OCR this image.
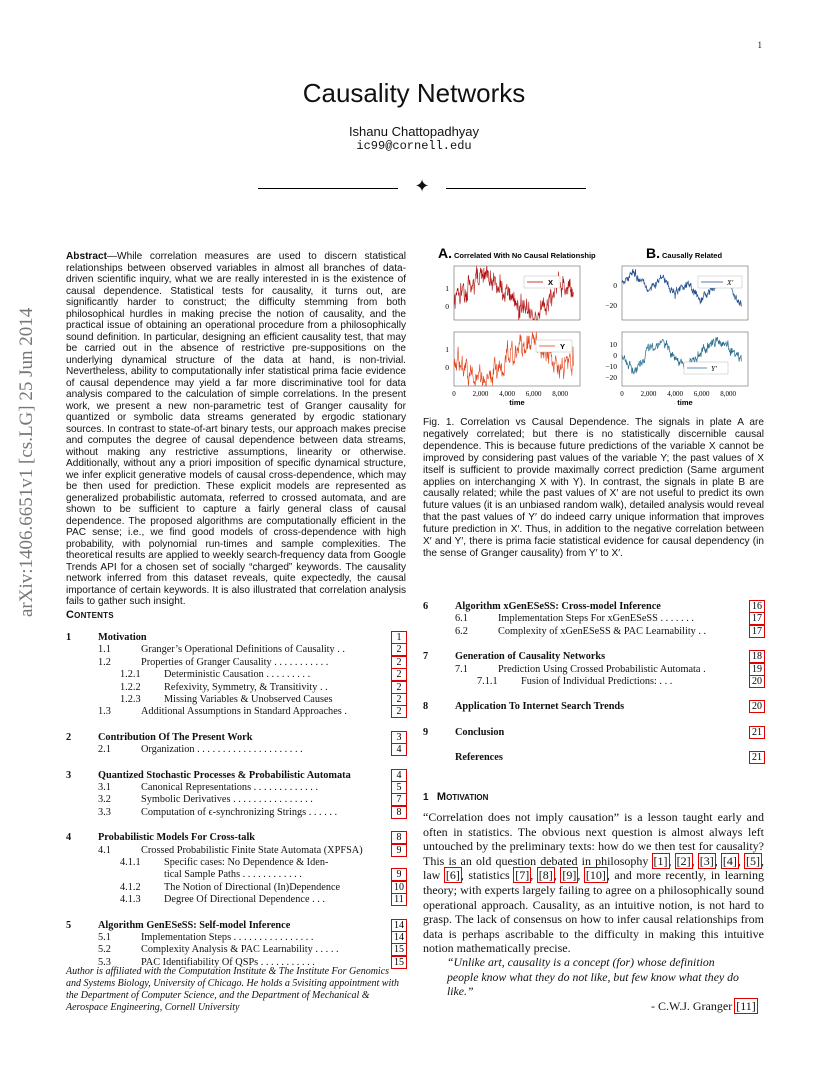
1
arXiv:1406.6651v1 [cs.LG] 25 Jun 2014
Causality Networks
Ishanu Chattopadhyay
ic99@cornell.edu
✦
Abstract—While correlation measures are used to discern statistical relationships between observed variables in almost all branches of data-driven scientific inquiry, what we are really interested in is the existence of causal dependence. Statistical tests for causality, it turns out, are significantly harder to construct; the difficulty stemming from both philosophical hurdles in making precise the notion of causality, and the practical issue of obtaining an operational procedure from a philosophically sound definition. In particular, designing an efficient causality test, that may be carried out in the absence of restrictive pre-suppositions on the underlying dynamical structure of the data at hand, is non-trivial. Nevertheless, ability to computationally infer statistical prima facie evidence of causal dependence may yield a far more discriminative tool for data analysis compared to the calculation of simple correlations. In the present work, we present a new non-parametric test of Granger causality for quantized or symbolic data streams generated by ergodic stationary sources. In contrast to state-of-art binary tests, our approach makes precise and computes the degree of causal dependence between data streams, without making any restrictive assumptions, linearity or otherwise. Additionally, without any a priori imposition of specific dynamical structure, we infer explicit generative models of causal cross-dependence, which may be then used for prediction. These explicit models are represented as generalized probabilistic automata, referred to crossed automata, and are shown to be sufficient to capture a fairly general class of causal dependence. The proposed algorithms are computationally efficient in the PAC sense; i.e., we find good models of cross-dependence with high probability, with polynomial run-times and sample complexities. The theoretical results are applied to weekly search-frequency data from Google Trends API for a chosen set of socially “charged” keywords. The causality network inferred from this dataset reveals, quite expectedly, the causal importance of certain keywords. It is also illustrated that correlation analysis fails to gather such insight.
Contents
Author is affiliated with the Computation Institute & The Institute For Genomics and Systems Biology, University of Chicago. He holds a 5visiting appointment with the Department of Computer Science, and the Department of Mechanical & Aerospace Engineering, Cornell University
A. Correlated With No Causal Relationship	B. Causally Related
X
Y
X′
Y′
1
0
1
0
0
−20
10
0
−10
−20
0 2,000 4,000 6,000 8,000	0 2,000 4,000 6,000 8,000
time	time
Fig. 1. Correlation vs Causal Dependence. The signals in plate A are negatively correlated; but there is no statistically discernible causal dependence. This is because future predictions of the variable X cannot be improved by considering past values of the variable Y; the past values of X itself is sufficient to provide maximally correct prediction (Same argument applies on interchanging X with Y). In contrast, the signals in plate B are causally related; while the past values of X′ are not useful to predict its own future values (it is an unbiased random walk), detailed analysis would reveal that the past values of Y′ do indeed carry unique information that improves future prediction in X′. Thus, in addition to the negative correlation between X′ and Y′, there is prima facie statistical evidence for causal dependency (in the sense of Granger causality) from Y′ to X′.
1 Motivation
“Correlation does not imply causation” is a lesson taught early and often in statistics. The obvious next question is almost always left untouched by the preliminary texts: how do we then test for causality? This is an old question debated in philosophy [1], [2], [3], [4], [5], law [6], statistics [7], [8], [9], [10], and more recently, in learning theory; with experts largely failing to agree on a philosophically sound operational approach. Causality, as an intuitive notion, is not hard to grasp. The lack of consensus on how to infer causal relationships from data is perhaps ascribable to the difficulty in making this intuitive notion mathematically precise.
“Unlike art, causality is a concept (for) whose definition people know what they do not like, but few know what they do like.”
- C.W.J. Granger [11]
1	Motivation	1
1.1	Granger’s Operational Definitions of Causality . .	2
1.2	Properties of Granger Causality . . . . . . . . . . .	2
1.2.1 Deterministic Causation . . . . . . . . .	2
1.2.2 Refexivity, Symmetry, & Transitivity . .	2
1.2.3 Missing Variables & Unobserved Causes	2
1.3	Additional Assumptions in Standard Approaches .	2
2	Contribution Of The Present Work	3
2.1	Organization . . . . . . . . . . . . . . . . . . . . .	4
3	Quantized Stochastic Processes & Probabilistic Automata	4
3.1	Canonical Representations . . . . . . . . . . . . .	5
3.2	Symbolic Derivatives . . . . . . . . . . . . . . . .	7
3.3	Computation of ϵ-synchronizing Strings . . . . . .	8
4	Probabilistic Models For Cross-talk	8
4.1	Crossed Probabilistic Finite State Automata (XPFSA)	9
4.1.1 Specific cases: No Dependence & Iden-
tical Sample Paths . . . . . . . . . . . .	9
4.1.2 The Notion of Directional (In)Dependence	10
4.1.3 Degree Of Directional Dependence . . .	11
5	Algorithm GenESeSS: Self-model Inference	14
5.1	Implementation Steps . . . . . . . . . . . . . . . .	14
5.2	Complexity Analysis & PAC Learnability . . . . .	15
5.3	PAC Identifiability Of QSPs . . . . . . . . . . .	15
6	Algorithm xGenESeSS: Cross-model Inference	16
6.1	Implementation Steps For xGenESeSS . . . . . . .	17
6.2	Complexity of xGenESeSS & PAC Learnability . .	17
7	Generation of Causality Networks	18
7.1	Prediction Using Crossed Probabilistic Automata .	19
7.1.1 Fusion of Individual Predictions: . . .	20
8	Application To Internet Search Trends	20
9	Conclusion	21
References	21
